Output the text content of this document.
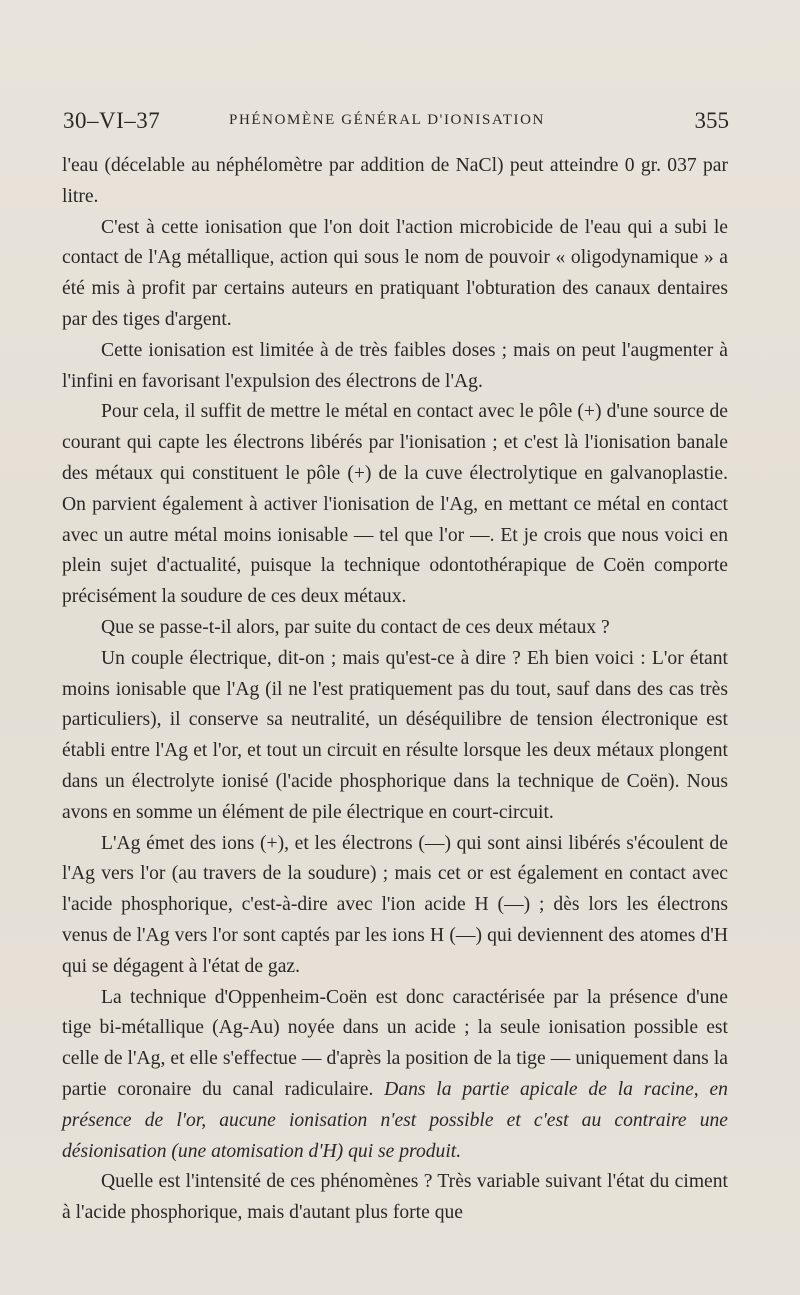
30–VI–37	PHÉNOMÈNE GÉNÉRAL D'IONISATION	355

l'eau (décelable au néphélomètre par addition de NaCl) peut atteindre 0 gr. 037 par litre.

C'est à cette ionisation que l'on doit l'action microbicide de l'eau qui a subi le contact de l'Ag métallique, action qui sous le nom de pouvoir « oligodynamique » a été mis à profit par certains auteurs en pratiquant l'obturation des canaux dentaires par des tiges d'argent.

Cette ionisation est limitée à de très faibles doses ; mais on peut l'augmenter à l'infini en favorisant l'expulsion des électrons de l'Ag.

Pour cela, il suffit de mettre le métal en contact avec le pôle (+) d'une source de courant qui capte les électrons libérés par l'ionisation ; et c'est là l'ionisation banale des métaux qui constituent le pôle (+) de la cuve électrolytique en galvanoplastie. On parvient également à activer l'ionisation de l'Ag, en mettant ce métal en contact avec un autre métal moins ionisable — tel que l'or —. Et je crois que nous voici en plein sujet d'actualité, puisque la technique odontothérapique de Coën comporte précisément la soudure de ces deux métaux.

Que se passe-t-il alors, par suite du contact de ces deux métaux ?

Un couple électrique, dit-on ; mais qu'est-ce à dire ? Eh bien voici : L'or étant moins ionisable que l'Ag (il ne l'est pratiquement pas du tout, sauf dans des cas très particuliers), il conserve sa neutralité, un déséquilibre de tension électronique est établi entre l'Ag et l'or, et tout un circuit en résulte lorsque les deux métaux plongent dans un électrolyte ionisé (l'acide phosphorique dans la technique de Coën). Nous avons en somme un élément de pile électrique en court-circuit.

L'Ag émet des ions (+), et les électrons (—) qui sont ainsi libérés s'écoulent de l'Ag vers l'or (au travers de la soudure) ; mais cet or est également en contact avec l'acide phosphorique, c'est-à-dire avec l'ion acide H (—) ; dès lors les électrons venus de l'Ag vers l'or sont captés par les ions H (—) qui deviennent des atomes d'H qui se dégagent à l'état de gaz.

La technique d'Oppenheim-Coën est donc caractérisée par la présence d'une tige bi-métallique (Ag-Au) noyée dans un acide ; la seule ionisation possible est celle de l'Ag, et elle s'effectue — d'après la position de la tige — uniquement dans la partie coronaire du canal radiculaire. Dans la partie apicale de la racine, en présence de l'or, aucune ionisation n'est possible et c'est au contraire une désionisation (une atomisation d'H) qui se produit.

Quelle est l'intensité de ces phénomènes ? Très variable suivant l'état du ciment à l'acide phosphorique, mais d'autant plus forte que
